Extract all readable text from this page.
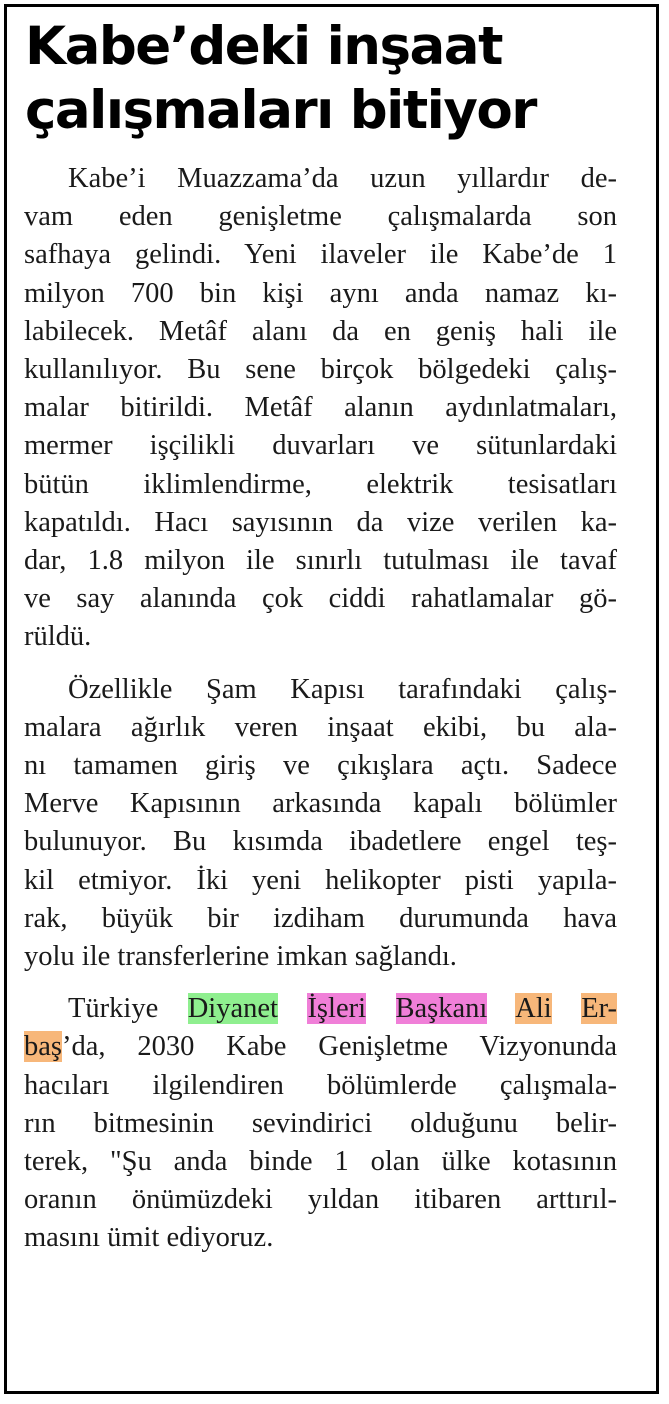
Kabe’deki inşaat
çalışmaları bitiyor

Kabe’i Muazzama’da uzun yıllardır de-
vam eden genişletme çalışmalarda son
safhaya gelindi. Yeni ilaveler ile Kabe’de 1
milyon 700 bin kişi aynı anda namaz kı-
labilecek. Metâf alanı da en geniş hali ile
kullanılıyor. Bu sene birçok bölgedeki çalış-
malar bitirildi. Metâf alanın aydınlatmaları,
mermer işçilikli duvarları ve sütunlardaki
bütün iklimlendirme, elektrik tesisatları
kapatıldı. Hacı sayısının da vize verilen ka-
dar, 1.8 milyon ile sınırlı tutulması ile tavaf
ve say alanında çok ciddi rahatlamalar gö-
rüldü.

Özellikle Şam Kapısı tarafındaki çalış-
malara ağırlık veren inşaat ekibi, bu ala-
nı tamamen giriş ve çıkışlara açtı. Sadece
Merve Kapısının arkasında kapalı bölümler
bulunuyor. Bu kısımda ibadetlere engel teş-
kil etmiyor. İki yeni helikopter pisti yapıla-
rak, büyük bir izdiham durumunda hava
yolu ile transferlerine imkan sağlandı.

Türkiye Diyanet İşleri Başkanı Ali Er-
baş’da, 2030 Kabe Genişletme Vizyonunda
hacıları ilgilendiren bölümlerde çalışmala-
rın bitmesinin sevindirici olduğunu belir-
terek, "Şu anda binde 1 olan ülke kotasının
oranın önümüzdeki yıldan itibaren arttırıl-
masını ümit ediyoruz.
